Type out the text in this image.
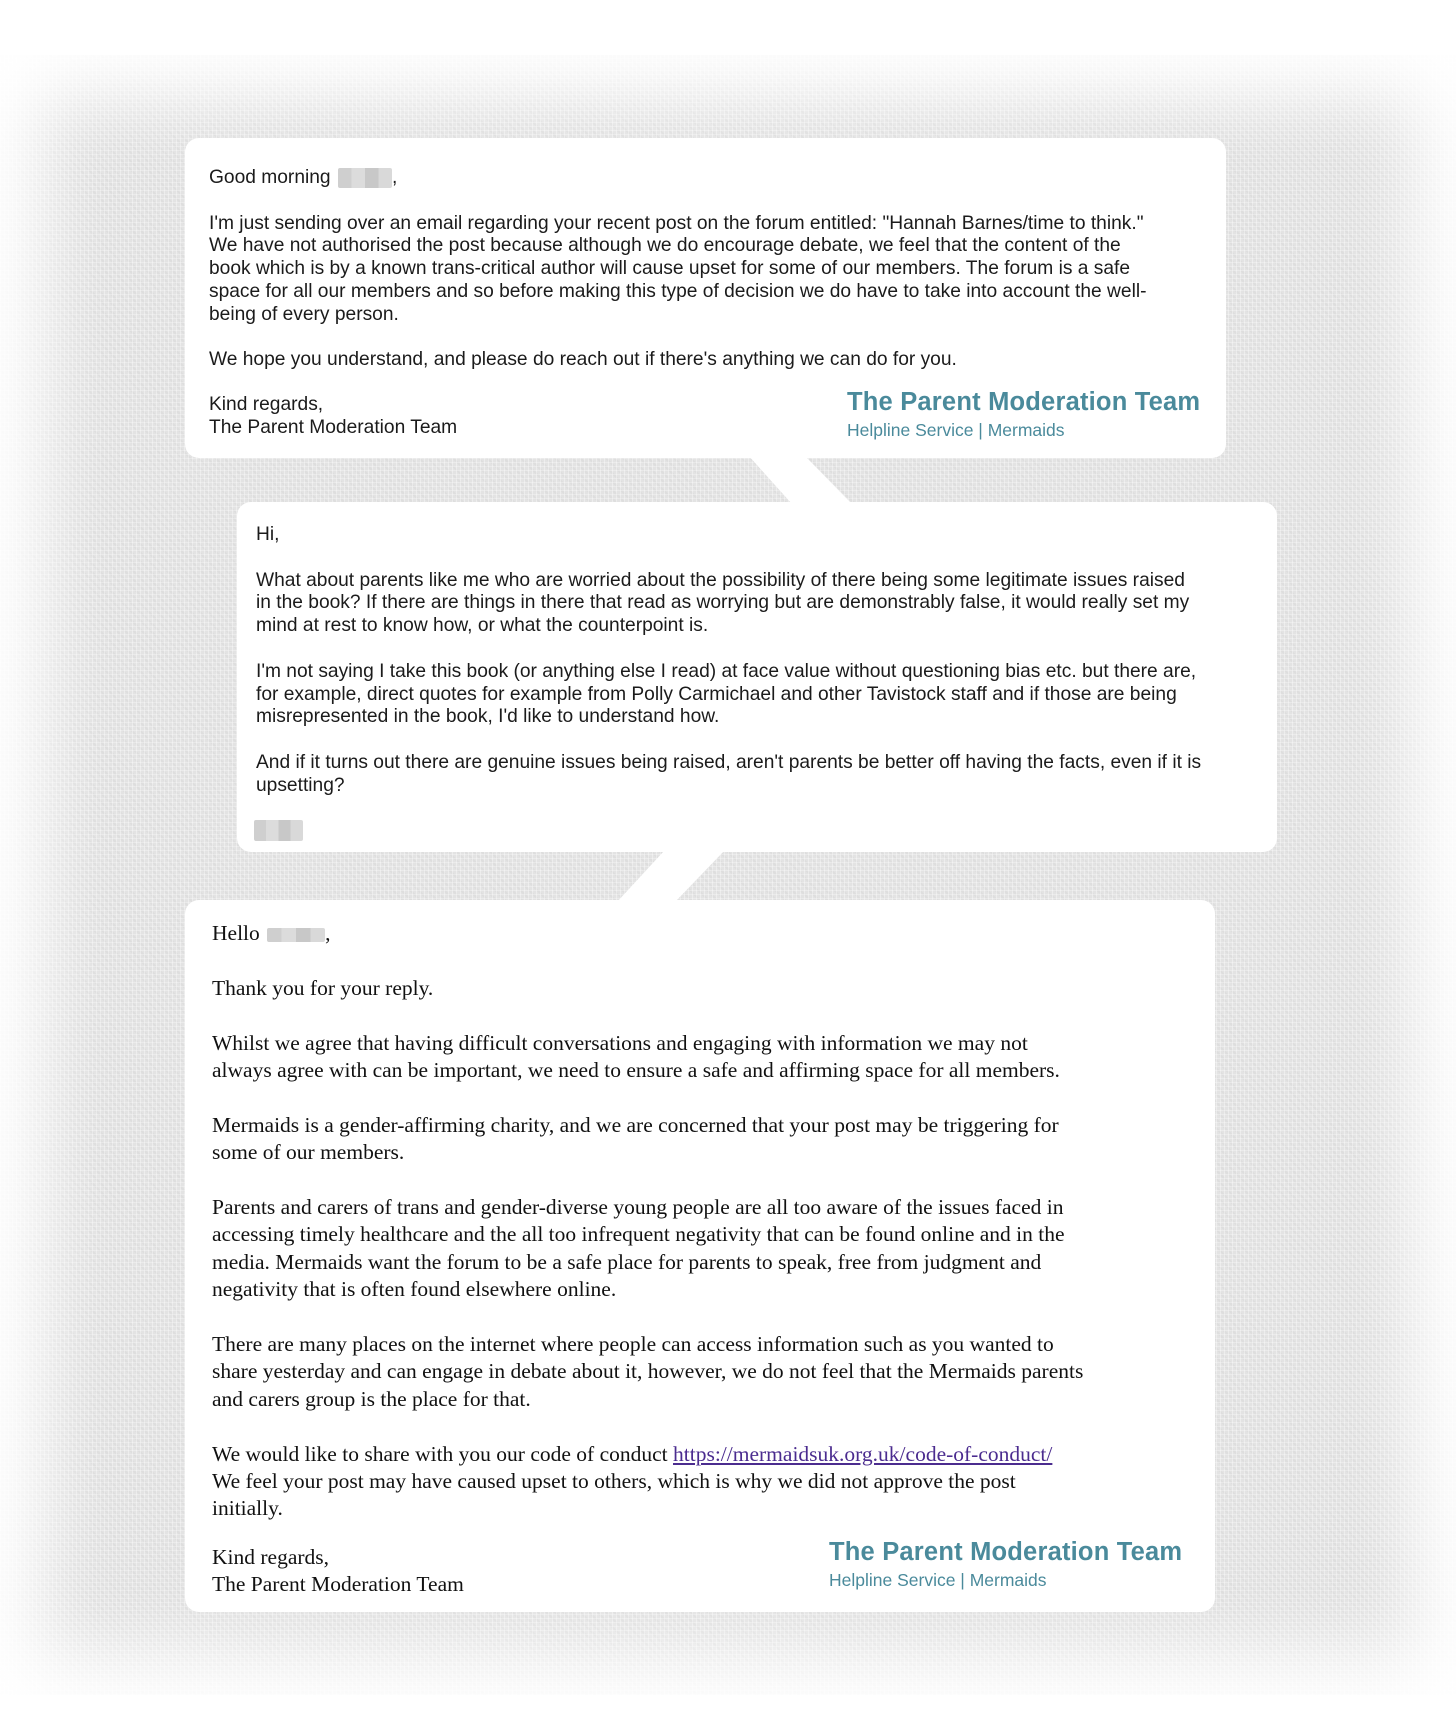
Good morning	,

I'm just sending over an email regarding your recent post on the forum entitled: "Hannah Barnes/time to think."
We have not authorised the post because although we do encourage debate, we feel that the content of the
book which is by a known trans-critical author will cause upset for some of our members. The forum is a safe
space for all our members and so before making this type of decision we do have to take into account the well-
being of every person.

We hope you understand, and please do reach out if there's anything we can do for you.

Kind regards,
The Parent Moderation Team
The Parent Moderation Team
Helpline Service | Mermaids

Hi,

What about parents like me who are worried about the possibility of there being some legitimate issues raised
in the book? If there are things in there that read as worrying but are demonstrably false, it would really set my
mind at rest to know how, or what the counterpoint is.

I'm not saying I take this book (or anything else I read) at face value without questioning bias etc. but there are,
for example, direct quotes for example from Polly Carmichael and other Tavistock staff and if those are being
misrepresented in the book, I'd like to understand how.

And if it turns out there are genuine issues being raised, aren't parents be better off having the facts, even if it is
upsetting?

Hello	,

Thank you for your reply.

Whilst we agree that having difficult conversations and engaging with information we may not
always agree with can be important, we need to ensure a safe and affirming space for all members.

Mermaids is a gender-affirming charity, and we are concerned that your post may be triggering for
some of our members.

Parents and carers of trans and gender-diverse young people are all too aware of the issues faced in
accessing timely healthcare and the all too infrequent negativity that can be found online and in the
media. Mermaids want the forum to be a safe place for parents to speak, free from judgment and
negativity that is often found elsewhere online.

There are many places on the internet where people can access information such as you wanted to
share yesterday and can engage in debate about it, however, we do not feel that the Mermaids parents
and carers group is the place for that.

We would like to share with you our code of conduct https://mermaidsuk.org.uk/code-of-conduct/
We feel your post may have caused upset to others, which is why we did not approve the post
initially.

Kind regards,
The Parent Moderation Team
The Parent Moderation Team
Helpline Service | Mermaids
